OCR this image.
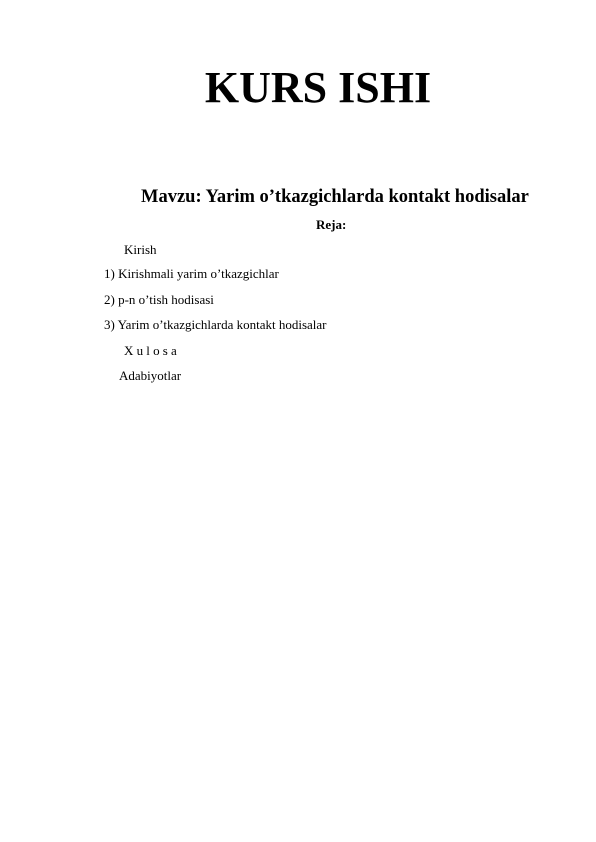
KURS ISHI
Mavzu: Yarim o’tkazgichlarda kontakt hodisalar
Reja:
Kirish
1) Kirishmali yarim o’tkazgichlar
2) p-n o’tish hodisasi
3) Yarim o’tkazgichlarda kontakt hodisalar
Xulosa
Adabiyotlar
